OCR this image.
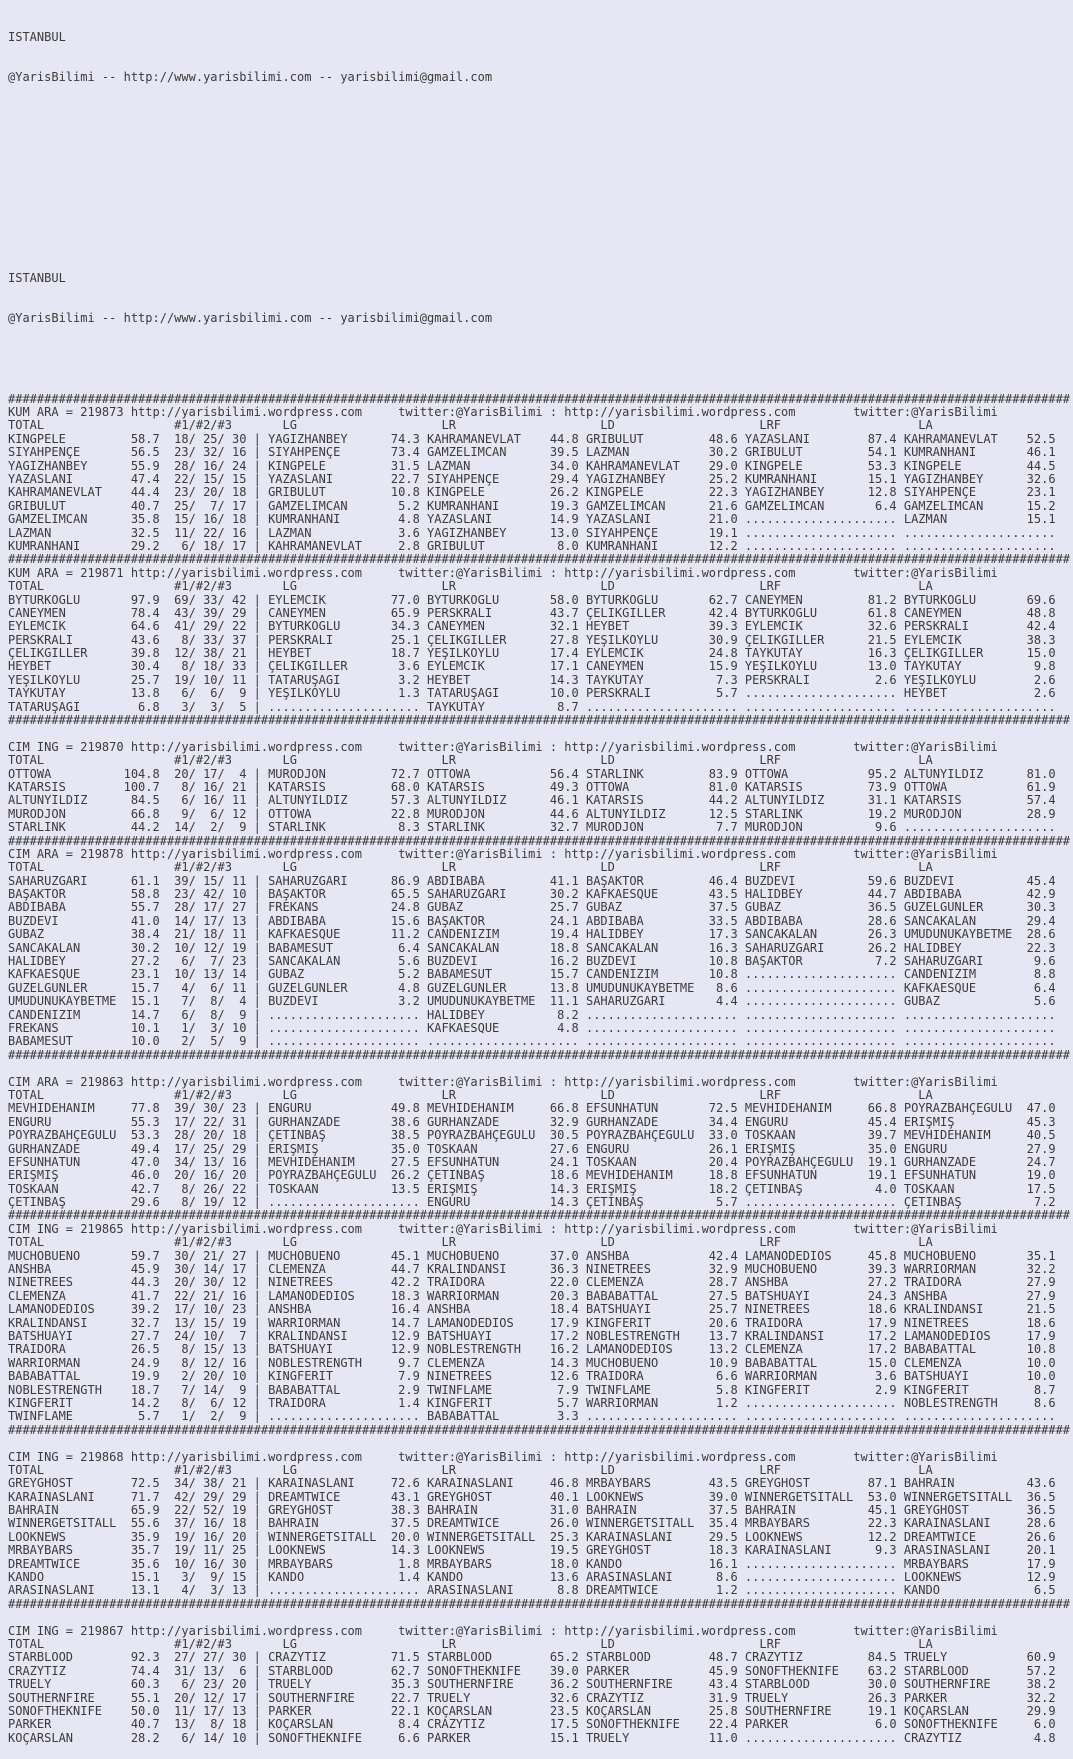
ISTANBUL

@YarisBilimi -- http://www.yarisbilimi.com -- yarisbilimi@gmail.com

ISTANBUL

@YarisBilimi -- http://www.yarisbilimi.com -- yarisbilimi@gmail.com

###################################################################################################################################################
KUM ARA = 219873 http://yarisbilimi.wordpress.com     twitter:@YarisBilimi : http://yarisbilimi.wordpress.com        twitter:@YarisBilimi
TOTAL                  #1/#2/#3       LG                    LR                    LD                    LRF                   LA
KINGPELE         58.7  18/ 25/ 30 | YAĞIZHANBEY      74.3 KAHRAMANEVLAT    44.8 GRİBULUT         48.6 YAZASLANI        87.4 KAHRAMANEVLAT    52.5
SİYAHPENÇE       56.5  23/ 32/ 16 | SİYAHPENÇE       73.4 GAMZELİMCAN      39.5 LAZMAN           30.2 GRİBULUT         54.1 KUMRANHANI       46.1
YAĞIZHANBEY      55.9  28/ 16/ 24 | KINGPELE         31.5 LAZMAN           34.0 KAHRAMANEVLAT    29.0 KINGPELE         53.3 KINGPELE         44.5
YAZASLANI        47.4  22/ 15/ 15 | YAZASLANI        22.7 SİYAHPENÇE       29.4 YAĞIZHANBEY      25.2 KUMRANHANI       15.1 YAĞIZHANBEY      32.6
KAHRAMANEVLAT    44.4  23/ 20/ 18 | GRİBULUT         10.8 KINGPELE         26.2 KINGPELE         22.3 YAĞIZHANBEY      12.8 SİYAHPENÇE       23.1
GRİBULUT         40.7  25/  7/ 17 | GAMZELİMCAN       5.2 KUMRANHANI       19.3 GAMZELİMCAN      21.6 GAMZELİMCAN       6.4 GAMZELİMCAN      15.2
GAMZELİMCAN      35.8  15/ 16/ 18 | KUMRANHANI        4.8 YAZASLANI        14.9 YAZASLANI        21.0 ..................... LAZMAN           15.1
LAZMAN           32.5  11/ 22/ 16 | LAZMAN            3.6 YAĞIZHANBEY      13.0 SİYAHPENÇE       19.1 ..................... .....................
KUMRANHANI       29.2   6/ 18/ 17 | KAHRAMANEVLAT     2.8 GRİBULUT          8.0 KUMRANHANI       12.2 ..................... .....................
###################################################################################################################################################
KUM ARA = 219871 http://yarisbilimi.wordpress.com     twitter:@YarisBilimi : http://yarisbilimi.wordpress.com        twitter:@YarisBilimi
TOTAL                  #1/#2/#3       LG                    LR                    LD                    LRF                   LA
BYTÜRKOĞLU       97.9  69/ 33/ 42 | EYLEMCİK         77.0 BYTÜRKOĞLU       58.0 BYTÜRKOĞLU       62.7 CANEYMEN         81.2 BYTÜRKOĞLU       69.6
CANEYMEN         78.4  43/ 39/ 29 | CANEYMEN         65.9 PERSKRALI        43.7 ÇELİKGİLLER      42.4 BYTÜRKOĞLU       61.8 CANEYMEN         48.8
EYLEMCİK         64.6  41/ 29/ 22 | BYTÜRKOĞLU       34.3 CANEYMEN         32.1 HEYBET           39.3 EYLEMCİK         32.6 PERSKRALI        42.4
PERSKRALI        43.6   8/ 33/ 37 | PERSKRALI        25.1 ÇELİKGİLLER      27.8 YEŞİLKÖYLÜ       30.9 ÇELİKGİLLER      21.5 EYLEMCİK         38.3
ÇELİKGİLLER      39.8  12/ 38/ 21 | HEYBET           18.7 YEŞİLKÖYLÜ       17.4 EYLEMCİK         24.8 TAYKUTAY         16.3 ÇELİKGİLLER      15.0
HEYBET           30.4   8/ 18/ 33 | ÇELİKGİLLER       3.6 EYLEMCİK         17.1 CANEYMEN         15.9 YEŞİLKÖYLÜ       13.0 TAYKUTAY          9.8
YEŞİLKÖYLÜ       25.7  19/ 10/ 11 | TATARUŞAĞI        3.2 HEYBET           14.3 TAYKUTAY          7.3 PERSKRALI         2.6 YEŞİLKÖYLÜ        2.6
TAYKUTAY         13.8   6/  6/  9 | YEŞİLKÖYLÜ        1.3 TATARUŞAĞI       10.0 PERSKRALI         5.7 ..................... HEYBET            2.6
TATARUŞAĞI        6.8   3/  3/  5 | ..................... TAYKUTAY          8.7 ..................... ..................... .....................
###################################################################################################################################################

CIM ING = 219870 http://yarisbilimi.wordpress.com     twitter:@YarisBilimi : http://yarisbilimi.wordpress.com        twitter:@YarisBilimi
TOTAL                  #1/#2/#3       LG                    LR                    LD                    LRF                   LA
OTTOWA          104.8  20/ 17/  4 | MURODJON         72.7 OTTOWA           56.4 STARLİNK         83.9 OTTOWA           95.2 ALTUNYILDIZ      81.0
KATARSİS        100.7   8/ 16/ 21 | KATARSİS         68.0 KATARSİS         49.3 OTTOWA           81.0 KATARSİS         73.9 OTTOWA           61.9
ALTUNYILDIZ      84.5   6/ 16/ 11 | ALTUNYILDIZ      57.3 ALTUNYILDIZ      46.1 KATARSİS         44.2 ALTUNYILDIZ      31.1 KATARSİS         57.4
MURODJON         66.8   9/  6/ 12 | OTTOWA           22.8 MURODJON         44.6 ALTUNYILDIZ      12.5 STARLİNK         19.2 MURODJON         28.9
STARLİNK         44.2  14/  2/  9 | STARLİNK          8.3 STARLİNK         32.7 MURODJON          7.7 MURODJON          9.6 .....................
###################################################################################################################################################
CIM ARA = 219878 http://yarisbilimi.wordpress.com     twitter:@YarisBilimi : http://yarisbilimi.wordpress.com        twitter:@YarisBilimi
TOTAL                  #1/#2/#3       LG                    LR                    LD                    LRF                   LA
SAHARÜZGARI      61.1  39/ 15/ 11 | SAHARÜZGARI      86.9 ABDİBABA         41.1 BAŞAKTÖR         46.4 BUZDEVİ          59.6 BUZDEVİ          45.4
BAŞAKTÖR         58.8  23/ 42/ 10 | BAŞAKTÖR         65.5 SAHARÜZGARI      30.2 KAFKAESQUE       43.5 HALİDBEY         44.7 ABDİBABA         42.9
ABDİBABA         55.7  28/ 17/ 27 | FREKANS          24.8 GUBAZ            25.7 GUBAZ            37.5 GUBAZ            36.5 GÜZELGÜNLER      30.3
BUZDEVİ          41.0  14/ 17/ 13 | ABDİBABA         15.6 BAŞAKTÖR         24.1 ABDİBABA         33.5 ABDİBABA         28.6 SANCAKALAN       29.4
GUBAZ            38.4  21/ 18/ 11 | KAFKAESQUE       11.2 CANDENİZİM       19.4 HALİDBEY         17.3 SANCAKALAN       26.3 UMUDUNUKAYBETME  28.6
SANCAKALAN       30.2  10/ 12/ 19 | BABAMESUT         6.4 SANCAKALAN       18.8 SANCAKALAN       16.3 SAHARÜZGARI      26.2 HALİDBEY         22.3
HALİDBEY         27.2   6/  7/ 23 | SANCAKALAN        5.6 BUZDEVİ          16.2 BUZDEVİ          10.8 BAŞAKTÖR          7.2 SAHARÜZGARI       9.6
KAFKAESQUE       23.1  10/ 13/ 14 | GUBAZ             5.2 BABAMESUT        15.7 CANDENİZİM       10.8 ..................... CANDENİZİM        8.8
GÜZELGÜNLER      15.7   4/  6/ 11 | GÜZELGÜNLER       4.8 GÜZELGÜNLER      13.8 UMUDUNUKAYBETME   8.6 ..................... KAFKAESQUE        6.4
UMUDUNUKAYBETME  15.1   7/  8/  4 | BUZDEVİ           3.2 UMUDUNUKAYBETME  11.1 SAHARÜZGARI       4.4 ..................... GUBAZ             5.6
CANDENİZİM       14.7   6/  8/  9 | ..................... HALİDBEY          8.2 ..................... ..................... .....................
FREKANS          10.1   1/  3/ 10 | ..................... KAFKAESQUE        4.8 ..................... ..................... .....................
BABAMESUT        10.0   2/  5/  9 | ..................... ..................... ..................... ..................... .....................
###################################################################################################################################################

CIM ARA = 219863 http://yarisbilimi.wordpress.com     twitter:@YarisBilimi : http://yarisbilimi.wordpress.com        twitter:@YarisBilimi
TOTAL                  #1/#2/#3       LG                    LR                    LD                    LRF                   LA
MEVHİDEHANIM     77.8  39/ 30/ 23 | ENGÜRÜ           49.8 MEVHİDEHANIM     66.8 EFSUNHATUN       72.5 MEVHİDEHANIM     66.8 POYRAZBAHÇEGÜLÜ  47.0
ENGÜRÜ           55.3  17/ 22/ 31 | GÜRHANZADE       38.6 GÜRHANZADE       32.9 GÜRHANZADE       34.4 ENGÜRÜ           45.4 ERİŞMİŞ          45.3
POYRAZBAHÇEGÜLÜ  53.3  28/ 20/ 18 | ÇETİNBAŞ         38.5 POYRAZBAHÇEGÜLÜ  30.5 POYRAZBAHÇEGÜLÜ  33.0 TOSKAAN          39.7 MEVHİDEHANIM     40.5
GÜRHANZADE       49.4  17/ 25/ 29 | ERİŞMİŞ          35.0 TOSKAAN          27.6 ENGÜRÜ           26.1 ERİŞMİŞ          35.0 ENGÜRÜ           27.9
EFSUNHATUN       47.0  34/ 13/ 16 | MEVHİDEHANIM     27.5 EFSUNHATUN       24.1 TOSKAAN          20.4 POYRAZBAHÇEGÜLÜ  19.1 GÜRHANZADE       24.7
ERİŞMİŞ          46.0  20/ 16/ 20 | POYRAZBAHÇEGÜLÜ  26.2 ÇETİNBAŞ         18.6 MEVHİDEHANIM     18.8 EFSUNHATUN       19.1 EFSUNHATUN       19.0
TOSKAAN          42.7   8/ 26/ 22 | TOSKAAN          13.5 ERİŞMİŞ          14.3 ERİŞMİŞ          18.2 ÇETİNBAŞ          4.0 TOSKAAN          17.5
ÇETİNBAŞ         29.6   8/ 19/ 12 | ..................... ENGÜRÜ           14.3 ÇETİNBAŞ          5.7 ..................... ÇETİNBAŞ          7.2
###################################################################################################################################################
CIM ING = 219865 http://yarisbilimi.wordpress.com     twitter:@YarisBilimi : http://yarisbilimi.wordpress.com        twitter:@YarisBilimi
TOTAL                  #1/#2/#3       LG                    LR                    LD                    LRF                   LA
MUCHOBUENO       59.7  30/ 21/ 27 | MUCHOBUENO       45.1 MUCHOBUENO       37.0 ANSHBA           42.4 LAMANODEDİOS     45.8 MUCHOBUENO       35.1
ANSHBA           45.9  30/ 14/ 17 | CLEMENZA         44.7 KRALINDANSI      36.3 NINETREES        32.9 MUCHOBUENO       39.3 WARRIORMAN       32.2
NINETREES        44.3  20/ 30/ 12 | NINETREES        42.2 TRAİDORA         22.0 CLEMENZA         28.7 ANSHBA           27.2 TRAİDORA         27.9
CLEMENZA         41.7  22/ 21/ 16 | LAMANODEDİOS     18.3 WARRIORMAN       20.3 BABABATTAL       27.5 BATSHUAYI        24.3 ANSHBA           27.9
LAMANODEDİOS     39.2  17/ 10/ 23 | ANSHBA           16.4 ANSHBA           18.4 BATSHUAYI        25.7 NINETREES        18.6 KRALINDANSI      21.5
KRALINDANSI      32.7  13/ 15/ 19 | WARRIORMAN       14.7 LAMANODEDİOS     17.9 KINGFERİT        20.6 TRAİDORA         17.9 NINETREES        18.6
BATSHUAYI        27.7  24/ 10/  7 | KRALINDANSI      12.9 BATSHUAYI        17.2 NOBLESTRENGTH    13.7 KRALINDANSI      17.2 LAMANODEDİOS     17.9
TRAİDORA         26.5   8/ 15/ 13 | BATSHUAYI        12.9 NOBLESTRENGTH    16.2 LAMANODEDİOS     13.2 CLEMENZA         17.2 BABABATTAL       10.8
WARRIORMAN       24.9   8/ 12/ 16 | NOBLESTRENGTH     9.7 CLEMENZA         14.3 MUCHOBUENO       10.9 BABABATTAL       15.0 CLEMENZA         10.0
BABABATTAL       19.9   2/ 20/ 10 | KINGFERİT         7.9 NINETREES        12.6 TRAİDORA          6.6 WARRIORMAN        3.6 BATSHUAYI        10.0
NOBLESTRENGTH    18.7   7/ 14/  9 | BABABATTAL        2.9 TWINFLAME         7.9 TWINFLAME         5.8 KINGFERİT         2.9 KINGFERİT         8.7
KINGFERİT        14.2   8/  6/ 12 | TRAİDORA          1.4 KINGFERİT         5.7 WARRIORMAN        1.2 ..................... NOBLESTRENGTH     8.6
TWINFLAME         5.7   1/  2/  9 | ..................... BABABATTAL        3.3 ..................... ..................... .....................
###################################################################################################################################################

CIM ING = 219868 http://yarisbilimi.wordpress.com     twitter:@YarisBilimi : http://yarisbilimi.wordpress.com        twitter:@YarisBilimi
TOTAL                  #1/#2/#3       LG                    LR                    LD                    LRF                   LA
GREYGHOST        72.5  34/ 38/ 21 | KARAİNASLANI     72.6 KARAİNASLANI     46.8 MRBAYBARS        43.5 GREYGHOST        87.1 BAHRAIN          43.6
KARAİNASLANI     71.7  42/ 29/ 29 | DREAMTWICE       43.1 GREYGHOST        40.1 LOOKNEWS         39.0 WINNERGETSITALL  53.0 WINNERGETSITALL  36.5
BAHRAIN          65.9  22/ 52/ 19 | GREYGHOST        38.3 BAHRAIN          31.0 BAHRAIN          37.5 BAHRAIN          45.1 GREYGHOST        36.5
WINNERGETSITALL  55.6  37/ 16/ 18 | BAHRAIN          37.5 DREAMTWICE       26.0 WINNERGETSITALL  35.4 MRBAYBARS        22.3 KARAİNASLANI     28.6
LOOKNEWS         35.9  19/ 16/ 20 | WINNERGETSITALL  20.0 WINNERGETSITALL  25.3 KARAİNASLANI     29.5 LOOKNEWS         12.2 DREAMTWICE       26.6
MRBAYBARS        35.7  19/ 11/ 25 | LOOKNEWS         14.3 LOOKNEWS         19.5 GREYGHOST        18.3 KARAİNASLANI      9.3 ARASINASLANI     20.1
DREAMTWICE       35.6  10/ 16/ 30 | MRBAYBARS         1.8 MRBAYBARS        18.0 KANDO            16.1 ..................... MRBAYBARS        17.9
KANDO            15.1   3/  9/ 15 | KANDO             1.4 KANDO            13.6 ARASINASLANI      8.6 ..................... LOOKNEWS         12.9
ARASINASLANI     13.1   4/  3/ 13 | ..................... ARASINASLANI      8.8 DREAMTWICE        1.2 ..................... KANDO             6.5
###################################################################################################################################################

CIM ING = 219867 http://yarisbilimi.wordpress.com     twitter:@YarisBilimi : http://yarisbilimi.wordpress.com        twitter:@YarisBilimi
TOTAL                  #1/#2/#3       LG                    LR                    LD                    LRF                   LA
STARBLOOD        92.3  27/ 27/ 30 | CRAZYTİZ         71.5 STARBLOOD        65.2 STARBLOOD        48.7 CRAZYTİZ         84.5 TRUELY           60.9
CRAZYTİZ         74.4  31/ 13/  6 | STARBLOOD        62.7 SONOFTHEKNIFE    39.0 PARKER           45.9 SONOFTHEKNIFE    63.2 STARBLOOD        57.2
TRUELY           60.3   6/ 23/ 20 | TRUELY           35.3 SOUTHERNFIRE     36.2 SOUTHERNFIRE     43.4 STARBLOOD        30.0 SOUTHERNFIRE     38.2
SOUTHERNFIRE     55.1  20/ 12/ 17 | SOUTHERNFIRE     22.7 TRUELY           32.6 CRAZYTİZ         31.9 TRUELY           26.3 PARKER           32.2
SONOFTHEKNIFE    50.0  11/ 17/ 13 | PARKER           22.1 KOÇARSLAN        23.5 KOÇARSLAN        25.8 SOUTHERNFIRE     19.1 KOÇARSLAN        29.9
PARKER           40.7  13/  8/ 18 | KOÇARSLAN         8.4 CRAZYTİZ         17.5 SONOFTHEKNIFE    22.4 PARKER            6.0 SONOFTHEKNIFE     6.0
KOÇARSLAN        28.2   6/ 14/ 10 | SONOFTHEKNIFE     6.6 PARKER           15.1 TRUELY           11.0 ..................... CRAZYTİZ          4.8
